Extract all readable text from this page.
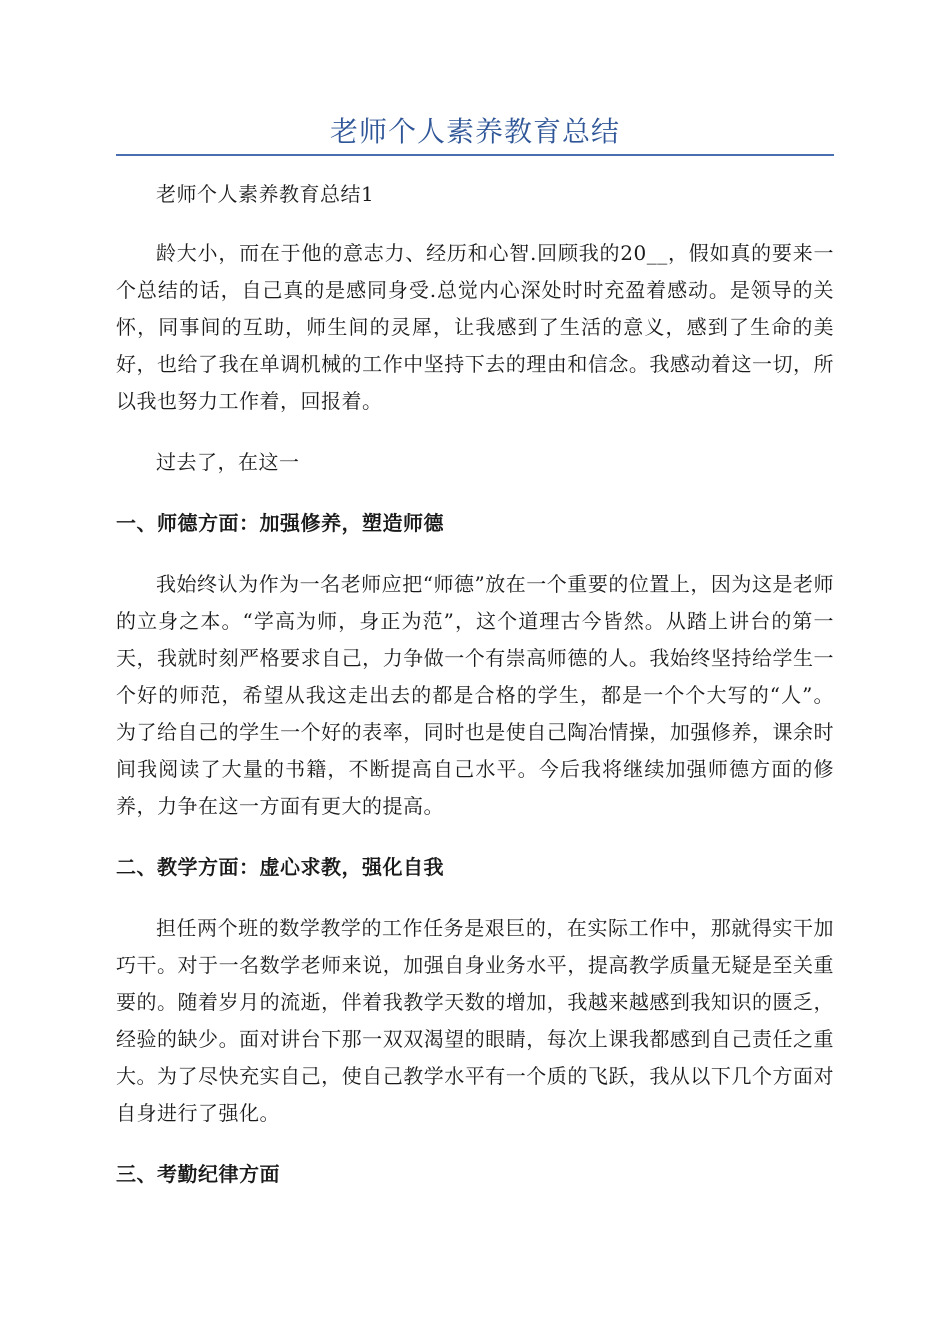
老师个人素养教育总结

老师个人素养教育总结1

龄大小，而在于他的意志力、经历和心智.回顾我的20__，假如真的要来一个总结的话，自己真的是感同身受.总觉内心深处时时充盈着感动。是领导的关怀，同事间的互助，师生间的灵犀，让我感到了生活的意义，感到了生命的美好，也给了我在单调机械的工作中坚持下去的理由和信念。我感动着这一切，所以我也努力工作着，回报着。

过去了，在这一

一、师德方面：加强修养，塑造师德

我始终认为作为一名老师应把“师德”放在一个重要的位置上，因为这是老师的立身之本。“学高为师，身正为范”，这个道理古今皆然。从踏上讲台的第一天，我就时刻严格要求自己，力争做一个有崇高师德的人。我始终坚持给学生一个好的师范，希望从我这走出去的都是合格的学生，都是一个个大写的“人”。为了给自己的学生一个好的表率，同时也是使自己陶冶情操，加强修养，课余时间我阅读了大量的书籍，不断提高自己水平。今后我将继续加强师德方面的修养，力争在这一方面有更大的提高。

二、教学方面：虚心求教，强化自我

担任两个班的数学教学的工作任务是艰巨的，在实际工作中，那就得实干加巧干。对于一名数学老师来说，加强自身业务水平，提高教学质量无疑是至关重要的。随着岁月的流逝，伴着我教学天数的增加，我越来越感到我知识的匮乏，经验的缺少。面对讲台下那一双双渴望的眼睛，每次上课我都感到自己责任之重大。为了尽快充实自己，使自己教学水平有一个质的飞跃，我从以下几个方面对自身进行了强化。

三、考勤纪律方面
